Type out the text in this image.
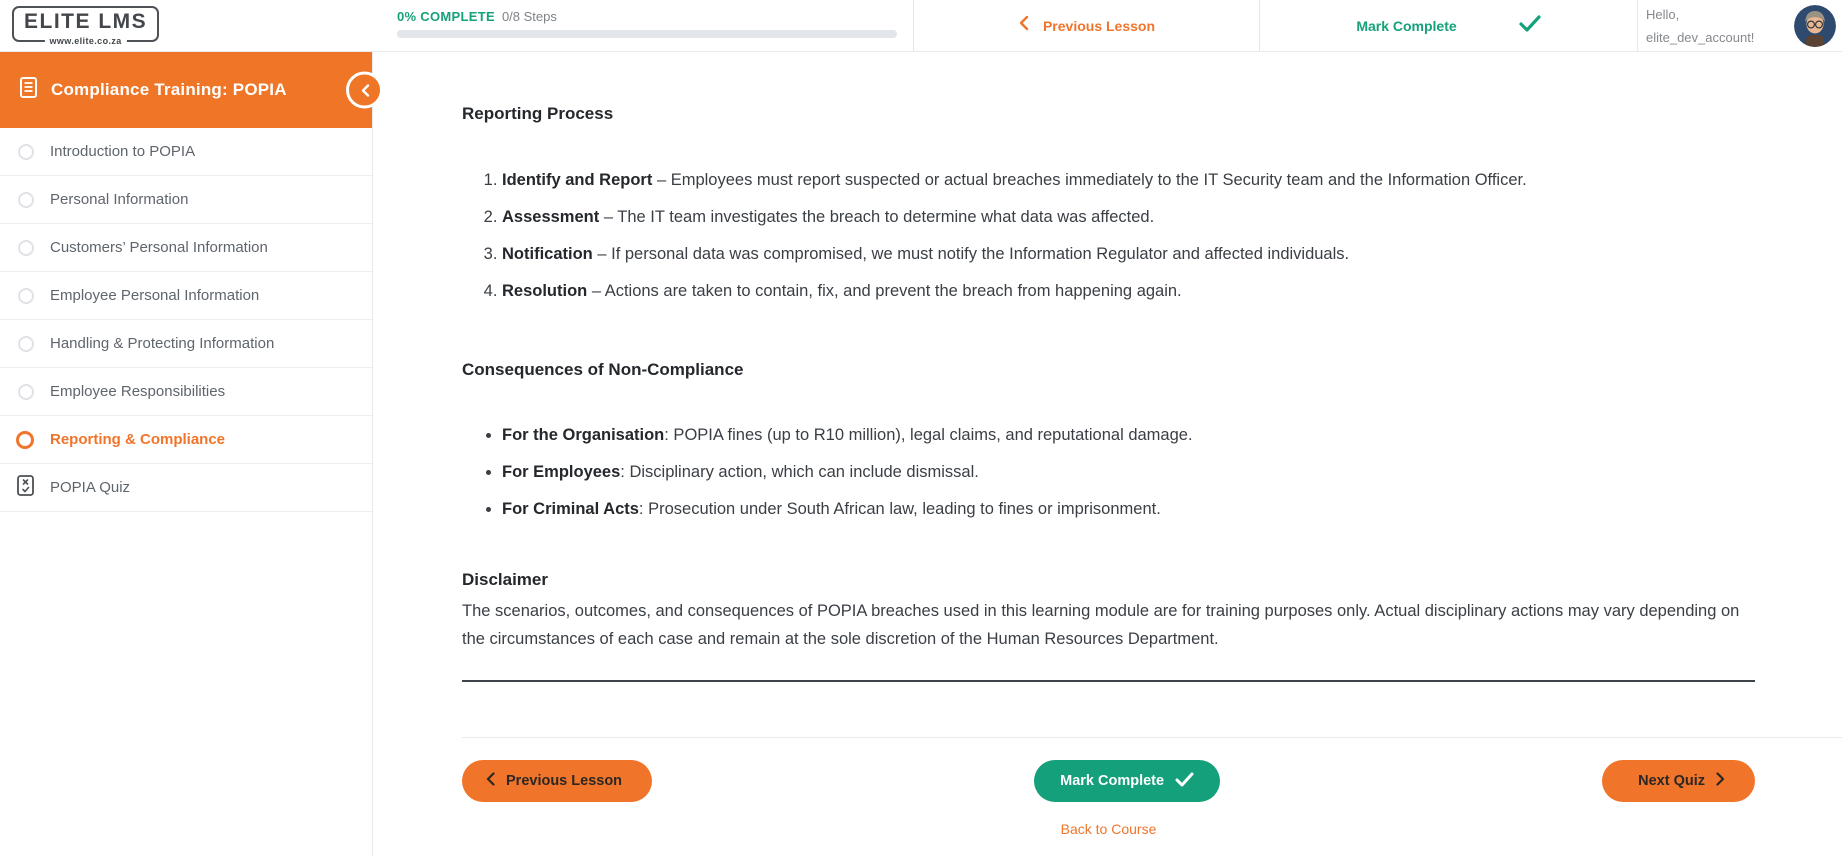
ELITE LMS
www.elite.co.za
0% COMPLETE 0/8 Steps
Previous Lesson	Mark Complete
Hello,
elite_dev_account!
Compliance Training: POPIA
Introduction to POPIA
Personal Information
Customers’ Personal Information
Employee Personal Information
Handling & Protecting Information
Employee Responsibilities
Reporting & Compliance
POPIA Quiz
Reporting Process
1. Identify and Report – Employees must report suspected or actual breaches immediately to the IT Security team and the Information Officer.
2. Assessment – The IT team investigates the breach to determine what data was affected.
3. Notification – If personal data was compromised, we must notify the Information Regulator and affected individuals.
4. Resolution – Actions are taken to contain, fix, and prevent the breach from happening again.
Consequences of Non-Compliance
• For the Organisation: POPIA fines (up to R10 million), legal claims, and reputational damage.
• For Employees: Disciplinary action, which can include dismissal.
• For Criminal Acts: Prosecution under South African law, leading to fines or imprisonment.
Disclaimer

The scenarios, outcomes, and consequences of POPIA breaches used in this learning module are for training purposes only. Actual disciplinary actions may vary depending on the circumstances of each case and remain at the sole discretion of the Human Resources Department.

Previous Lesson	Mark Complete	Next Quiz
Back to Course
